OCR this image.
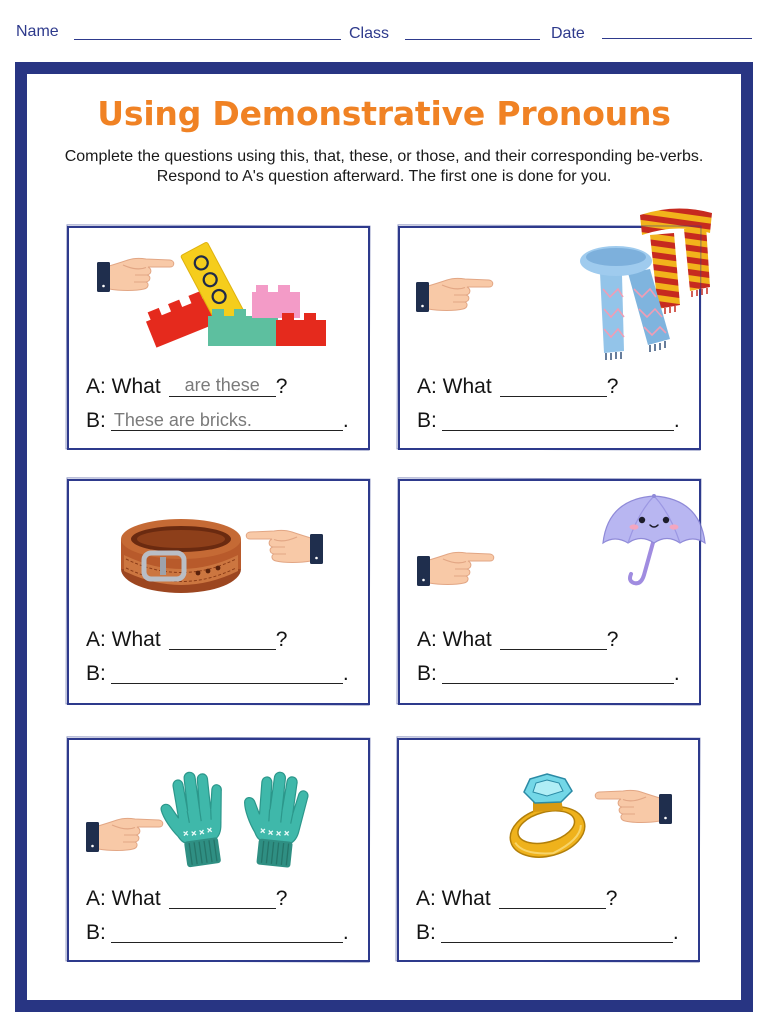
Name	Class	Date
Using Demonstrative Pronouns

Complete the questions using this, that, these, or those, and their corresponding be-verbs. Respond to A's question afterward. The first one is done for you.

A: What are these ?
B: These are bricks.	.
A: What	?
B:	.
A: What	?
B:	.
A: What	?
B:	.
A: What	?
B:	.
A: What	?
B:	.
